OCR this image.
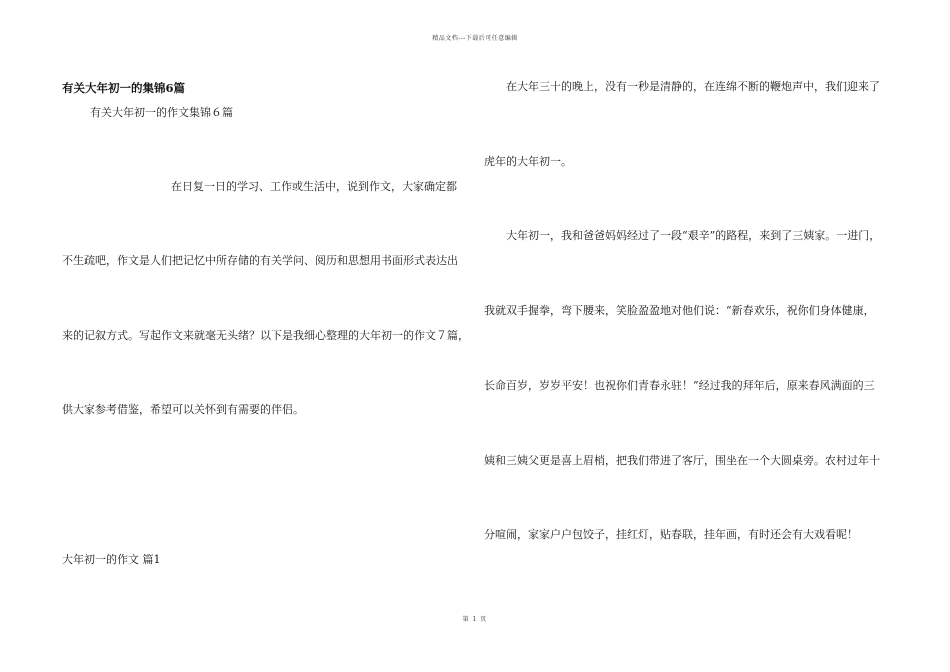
精品文档---下载后可任意编辑
有关大年初一的集锦6篇
有关大年初一的作文集锦６篇
在日复一日的学习、工作或生活中，说到作文，大家确定都
不生疏吧，作文是人们把记忆中所存储的有关学问、阅历和思想用书面形式表达出
来的记叙方式。写起作文来就毫无头绪？以下是我细心整理的大年初一的作文７篇，
供大家参考借鉴，希望可以关怀到有需要的伴侣。
大年初一的作文 篇1
在大年三十的晚上，没有一秒是清静的，在连绵不断的鞭炮声中，我们迎来了
虎年的大年初一。
大年初一，我和爸爸妈妈经过了一段“艰辛”的路程，来到了三姨家。一进门，
我就双手握拳，弯下腰来，笑脸盈盈地对他们说：“新春欢乐，祝你们身体健康，
长命百岁，岁岁平安！也祝你们青春永驻！”经过我的拜年后，原来春风满面的三
姨和三姨父更是喜上眉梢，把我们带进了客厅，围坐在一个大圆桌旁。农村过年十
分喧闹，家家户户包饺子，挂红灯，贴春联，挂年画，有时还会有大戏看呢！
第 1 页
